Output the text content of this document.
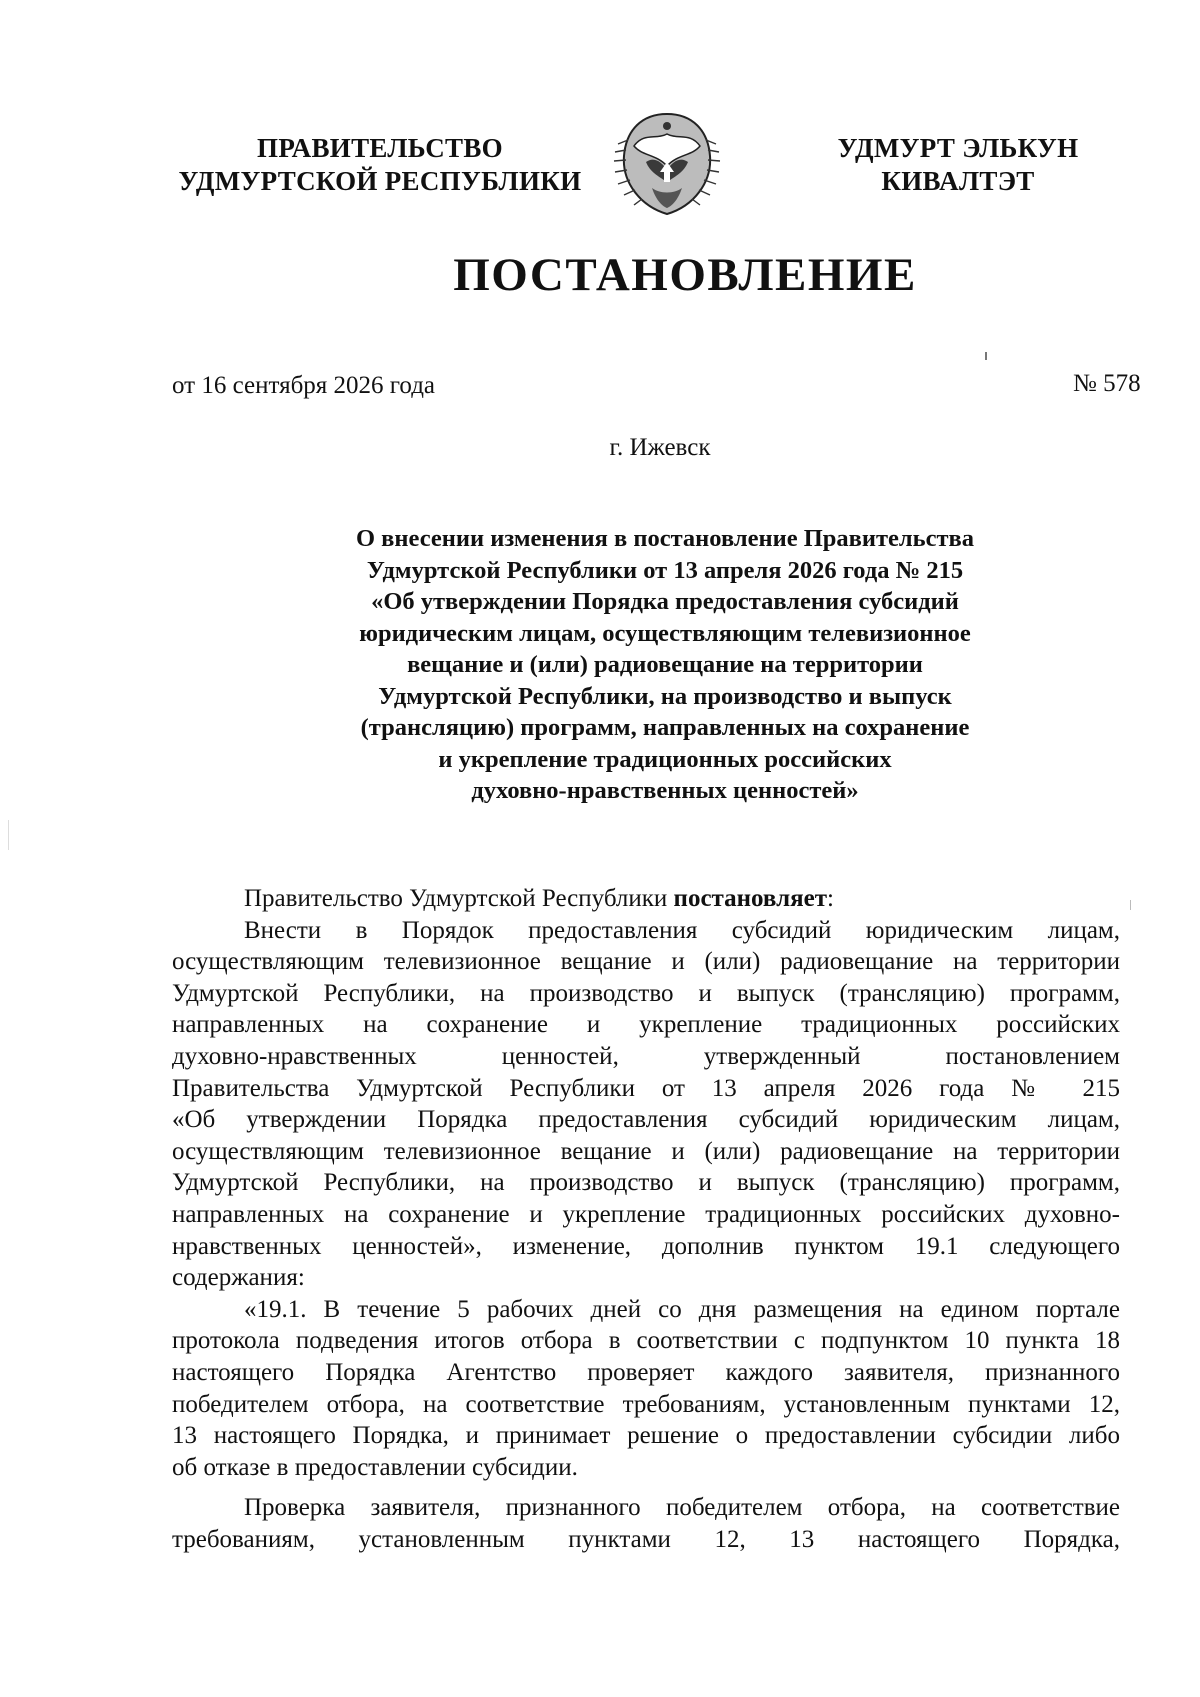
ПРАВИТЕЛЬСТВО
УДМУРТСКОЙ РЕСПУБЛИКИ
УДМУРТ ЭЛЬКУН
КИВАЛТЭТ
ПОСТАНОВЛЕНИЕ
от 16 сентября 2026 года	№ 578
г. Ижевск
О внесении изменения в постановление Правительства
Удмуртской Республики от 13 апреля 2026 года № 215
«Об утверждении Порядка предоставления субсидий
юридическим лицам, осуществляющим телевизионное
вещание и (или) радиовещание на территории
Удмуртской Республики, на производство и выпуск
(трансляцию) программ, направленных на сохранение
и укрепление традиционных российских
духовно-нравственных ценностей»
Правительство Удмуртской Республики постановляет:
Внести в Порядок предоставления субсидий юридическим лицам,
осуществляющим телевизионное вещание и (или) радиовещание на территории
Удмуртской Республики, на производство и выпуск (трансляцию) программ,
направленных на сохранение и укрепление традиционных российских
духовно-нравственных ценностей, утвержденный постановлением
Правительства Удмуртской Республики от 13 апреля 2026 года № 215
«Об утверждении Порядка предоставления субсидий юридическим лицам,
осуществляющим телевизионное вещание и (или) радиовещание на территории
Удмуртской Республики, на производство и выпуск (трансляцию) программ,
направленных на сохранение и укрепление традиционных российских духовно-
нравственных ценностей», изменение, дополнив пунктом 19.1 следующего
содержания:
«19.1. В течение 5 рабочих дней со дня размещения на едином портале
протокола подведения итогов отбора в соответствии с подпунктом 10 пункта 18
настоящего Порядка Агентство проверяет каждого заявителя, признанного
победителем отбора, на соответствие требованиям, установленным пунктами 12,
13 настоящего Порядка, и принимает решение о предоставлении субсидии либо
об отказе в предоставлении субсидии.
Проверка заявителя, признанного победителем отбора, на соответствие
требованиям, установленным пунктами 12, 13 настоящего Порядка,
